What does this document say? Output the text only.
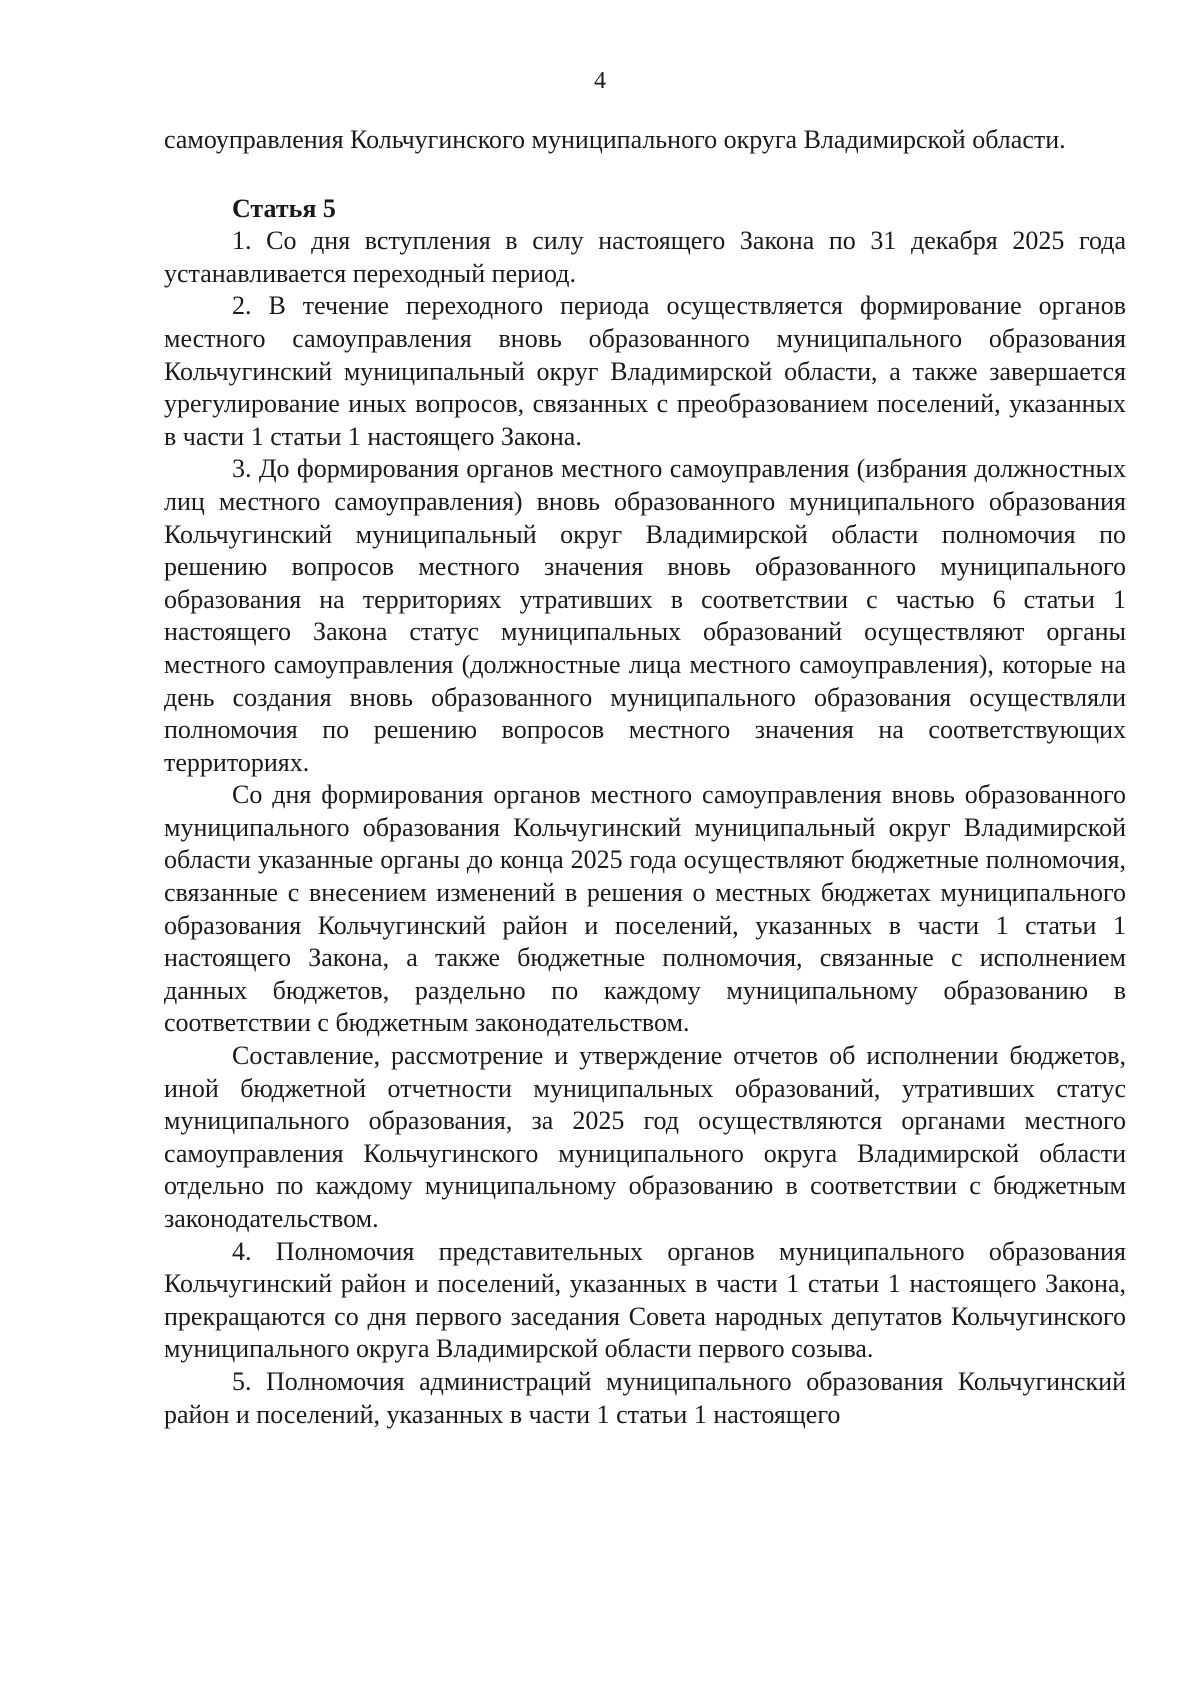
4

самоуправления Кольчугинского муниципального округа Владимирской области.

Статья 5

1. Со дня вступления в силу настоящего Закона по 31 декабря 2025 года устанавливается переходный период.

2. В течение переходного периода осуществляется формирование органов местного самоуправления вновь образованного муниципального образования Кольчугинский муниципальный округ Владимирской области, а также завершается урегулирование иных вопросов, связанных с преобразованием поселений, указанных в части 1 статьи 1 настоящего Закона.

3. До формирования органов местного самоуправления (избрания должностных лиц местного самоуправления) вновь образованного муниципального образования Кольчугинский муниципальный округ Владимирской области полномочия по решению вопросов местного значения вновь образованного муниципального образования на территориях утративших в соответствии с частью 6 статьи 1 настоящего Закона статус муниципальных образований осуществляют органы местного самоуправления (должностные лица местного самоуправления), которые на день создания вновь образованного муниципального образования осуществляли полномочия по решению вопросов местного значения на соответствующих территориях.

Со дня формирования органов местного самоуправления вновь образованного муниципального образования Кольчугинский муниципальный округ Владимирской области указанные органы до конца 2025 года осуществляют бюджетные полномочия, связанные с внесением изменений в решения о местных бюджетах муниципального образования Кольчугинский район и поселений, указанных в части 1 статьи 1 настоящего Закона, а также бюджетные полномочия, связанные с исполнением данных бюджетов, раздельно по каждому муниципальному образованию в соответствии с бюджетным законодательством.

Составление, рассмотрение и утверждение отчетов об исполнении бюджетов, иной бюджетной отчетности муниципальных образований, утративших статус муниципального образования, за 2025 год осуществляются органами местного самоуправления Кольчугинского муниципального округа Владимирской области отдельно по каждому муниципальному образованию в соответствии с бюджетным законодательством.

4. Полномочия представительных органов муниципального образования Кольчугинский район и поселений, указанных в части 1 статьи 1 настоящего Закона, прекращаются со дня первого заседания Совета народных депутатов Кольчугинского муниципального округа Владимирской области первого созыва.

5. Полномочия администраций муниципального образования Кольчугинский район и поселений, указанных в части 1 статьи 1 настоящего
